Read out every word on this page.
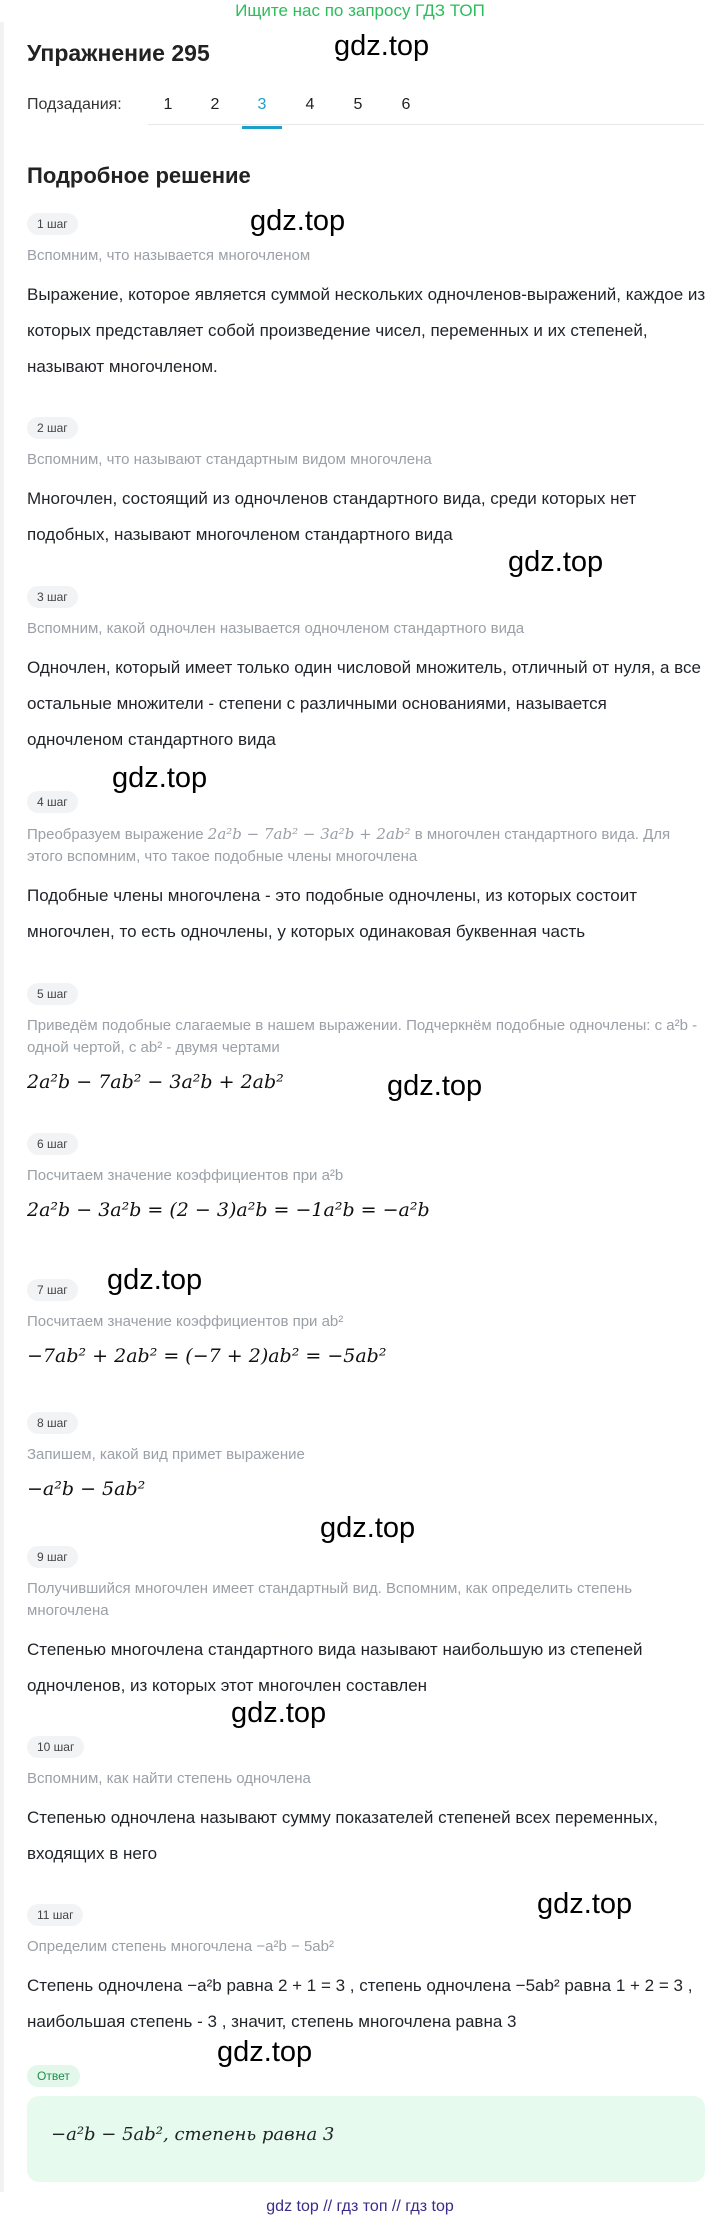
Ищите нас по запросу ГДЗ ТОП
Упражнение 295	gdz.top
Подзадания:	1	2	3	4	5	6
Подробное решение
1 шаг
Вспомним, что называется многочленом
Выражение, которое является суммой нескольких одночленов-выражений, каждое из которых представляет собой произведение чисел, переменных и их степеней, называют многочленом.
gdz.top
2 шаг
Вспомним, что называют стандартным видом многочлена
Многочлен, состоящий из одночленов стандартного вида, среди которых нет подобных, называют многочленом стандартного вида
gdz.top
3 шаг
Вспомним, какой одночлен называется одночленом стандартного вида
Одночлен, который имеет только один числовой множитель, отличный от нуля, а все остальные множители - степени с различными основаниями, называется одночленом стандартного вида
gdz.top
4 шаг
Преобразуем выражение 2a²b − 7ab² − 3a²b + 2ab² в многочлен стандартного вида. Для этого вспомним, что такое подобные члены многочлена
Подобные члены многочлена - это подобные одночлены, из которых состоит многочлен, то есть одночлены, у которых одинаковая буквенная часть
5 шаг
Приведём подобные слагаемые в нашем выражении. Подчеркнём подобные одночлены: с a²b - одной чертой, с ab² - двумя чертами
2a²b − 7ab² − 3a²b + 2ab²	gdz.top
6 шаг
Посчитаем значение коэффициентов при a²b
2a²b − 3a²b = (2 − 3)a²b = −1a²b = −a²b
7 шаг
Посчитаем значение коэффициентов при ab²
−7ab² + 2ab² = (−7 + 2)ab² = −5ab²
gdz.top
8 шаг
Запишем, какой вид примет выражение
−a²b − 5ab²
gdz.top
9 шаг
Получившийся многочлен имеет стандартный вид. Вспомним, как определить степень многочлена
Степенью многочлена стандартного вида называют наибольшую из степеней одночленов, из которых этот многочлен составлен
gdz.top
10 шаг
Вспомним, как найти степень одночлена
Степенью одночлена называют сумму показателей степеней всех переменных, входящих в него
gdz.top
11 шаг
Определим степень многочлена −a²b − 5ab²
Степень одночлена −a²b равна 2 + 1 = 3 , степень одночлена −5ab² равна 1 + 2 = 3 , наибольшая степень - 3 , значит, степень многочлена равна 3
gdz.top
Ответ
−a²b − 5ab², степень равна 3
gdz top // гдз топ // гдз top
